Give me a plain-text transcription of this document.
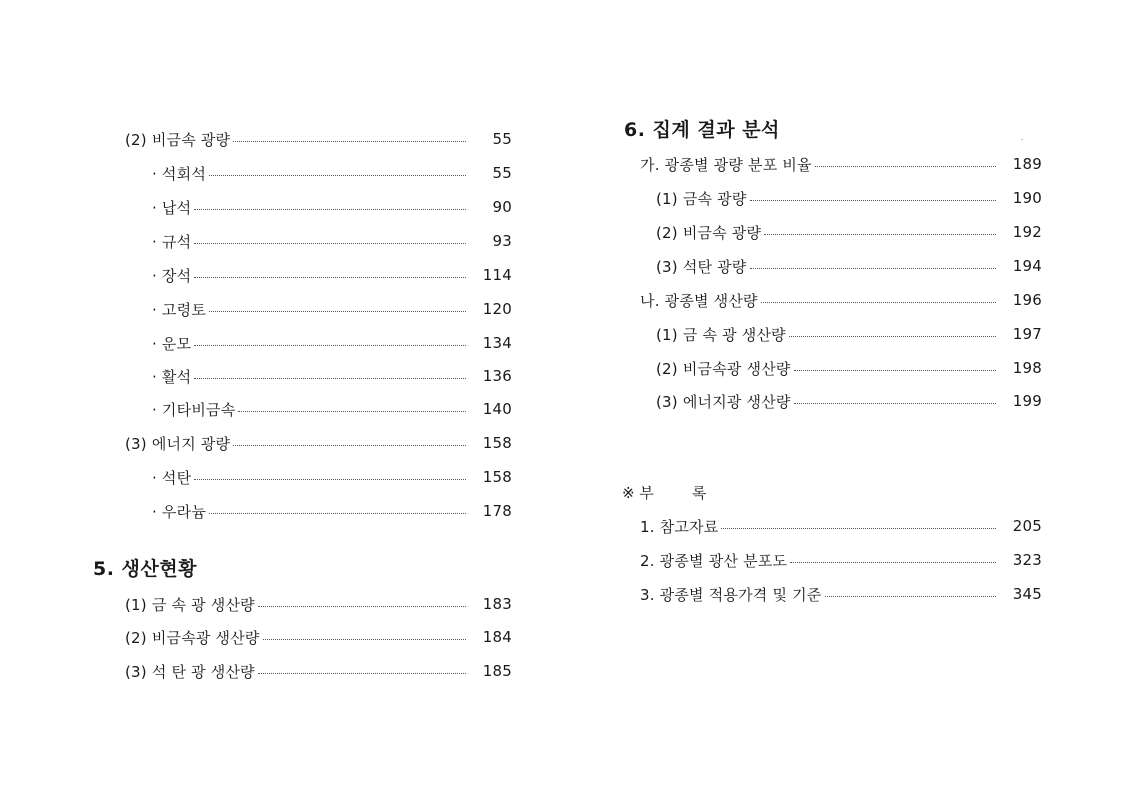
(2) 비금속 광량	55
· 석회석	55
· 납석	90
· 규석	93
· 장석	114
· 고령토	120
· 운모	134
· 활석	136
· 기타비금속	140
(3) 에너지 광량	158
· 석탄	158
· 우라늄	178
5. 생산현황
(1) 금 속 광 생산량	183
(2) 비금속광 생산량	184
(3) 석 탄 광 생산량	185
6. 집계 결과 분석
가. 광종별 광량 분포 비율	189
(1) 금속 광량	190
(2) 비금속 광량	192
(3) 석탄 광량	194
나. 광종별 생산량	196
(1) 금 속 광 생산량	197
(2) 비금속광 생산량	198
(3) 에너지광 생산량	199
※ 부	록
1. 참고자료	205
2. 광종별 광산 분포도	323
3. 광종별 적용가격 및 기준	345
